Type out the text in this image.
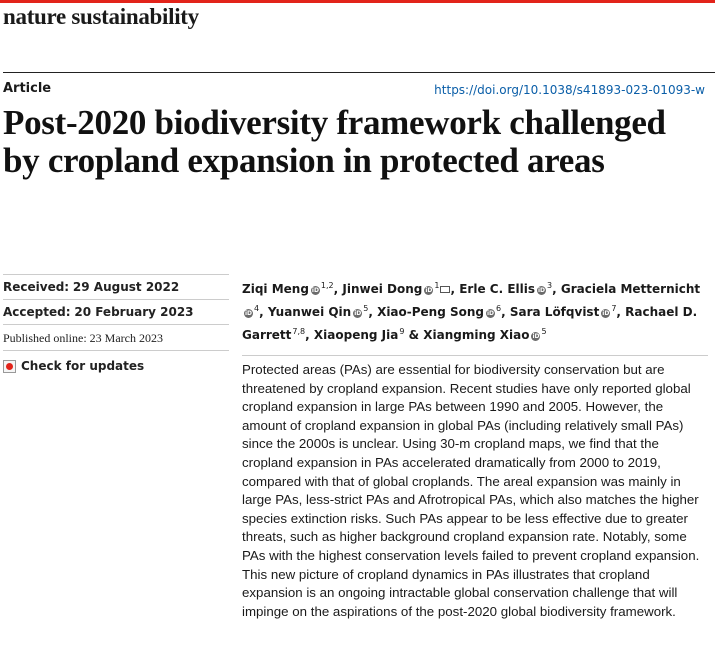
nature sustainability
Article	https://doi.org/10.1038/s41893-023-01093-w
Post-2020 biodiversity framework challenged by cropland expansion in protected areas
Received: 29 August 2022
Accepted: 20 February 2023
Published online: 23 March 2023
Check for updates

Ziqi Meng iD$^{1,2}$, Jinwei Dong $iD^1$ , Erle C. Ellis $iD^3$, Graciela MetternichtiD$^4$, Yuanwei Qin $iD^5$, Xiao-Peng Song $iD^6$, Sara Löfqvist $iD^7$, Rachael D. Garrett$^{7,8}$, Xiaopeng Jia$^9$ & Xiangming Xiao $iD^5$

Protected areas (PAs) are essential for biodiversity conservation but are threatened by cropland expansion. Recent studies have only reported global cropland expansion in large PAs between 1990 and 2005. However, the amount of cropland expansion in global PAs (including relatively small PAs) since the 2000s is unclear. Using 30-m cropland maps, we find that the cropland expansion in PAs accelerated dramatically from 2000 to 2019, compared with that of global croplands. The areal expansion was mainly in large PAs, less-strict PAs and Afrotropical PAs, which also matches the higher species extinction risks. Such PAs appear to be less effective due to greater threats, such as higher background cropland expansion rate. Notably, some PAs with the highest conservation levels failed to prevent cropland expansion. This new picture of cropland dynamics in PAs illustrates that cropland expansion is an ongoing intractable global conservation challenge that will impinge on the aspirations of the post-2020 global biodiversity framework.
